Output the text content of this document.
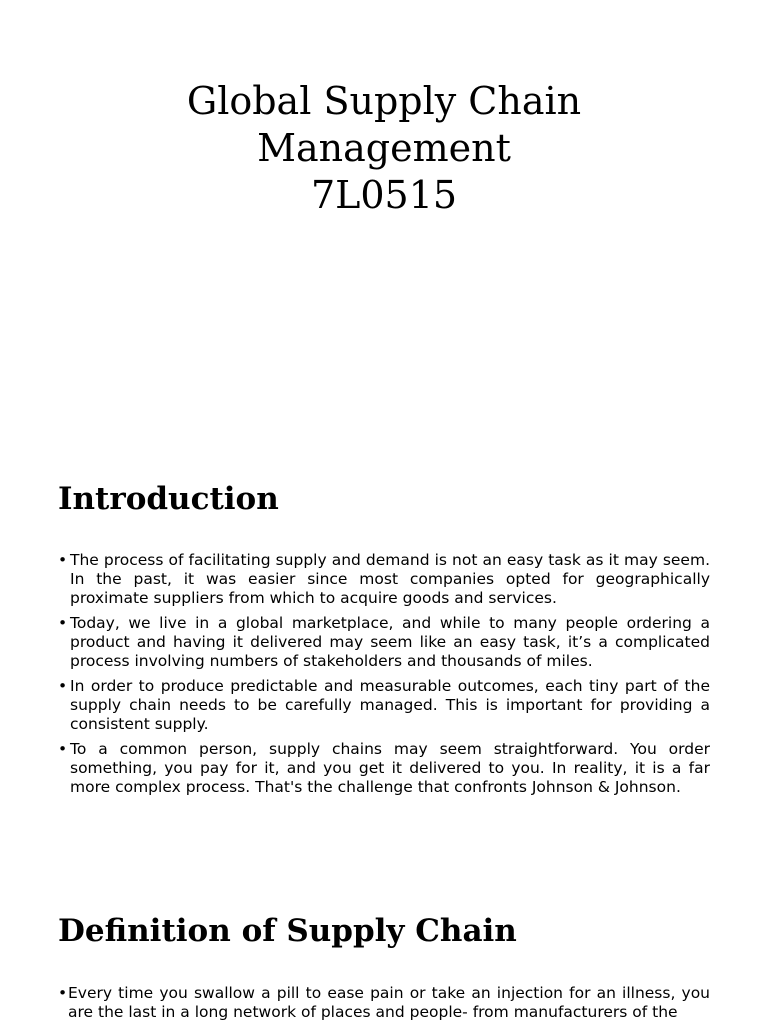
Global Supply Chain
Management
7L0515
Introduction
• The process of facilitating supply and demand is not an easy task as it may seem. In the past, it was easier since most companies opted for geographically proximate suppliers from which to acquire goods and services.
• Today, we live in a global marketplace, and while to many people ordering a product and having it delivered may seem like an easy task, it’s a complicated process involving numbers of stakeholders and thousands of miles.
• In order to produce predictable and measurable outcomes, each tiny part of the supply chain needs to be carefully managed. This is important for providing a consistent supply.
• To a common person, supply chains may seem straightforward. You order something, you pay for it, and you get it delivered to you. In reality, it is a far more complex process. That's the challenge that confronts Johnson & Johnson.
Definition of Supply Chain
• Every time you swallow a pill to ease pain or take an injection for an illness, you are the last in a long network of places and people- from manufacturers of the
